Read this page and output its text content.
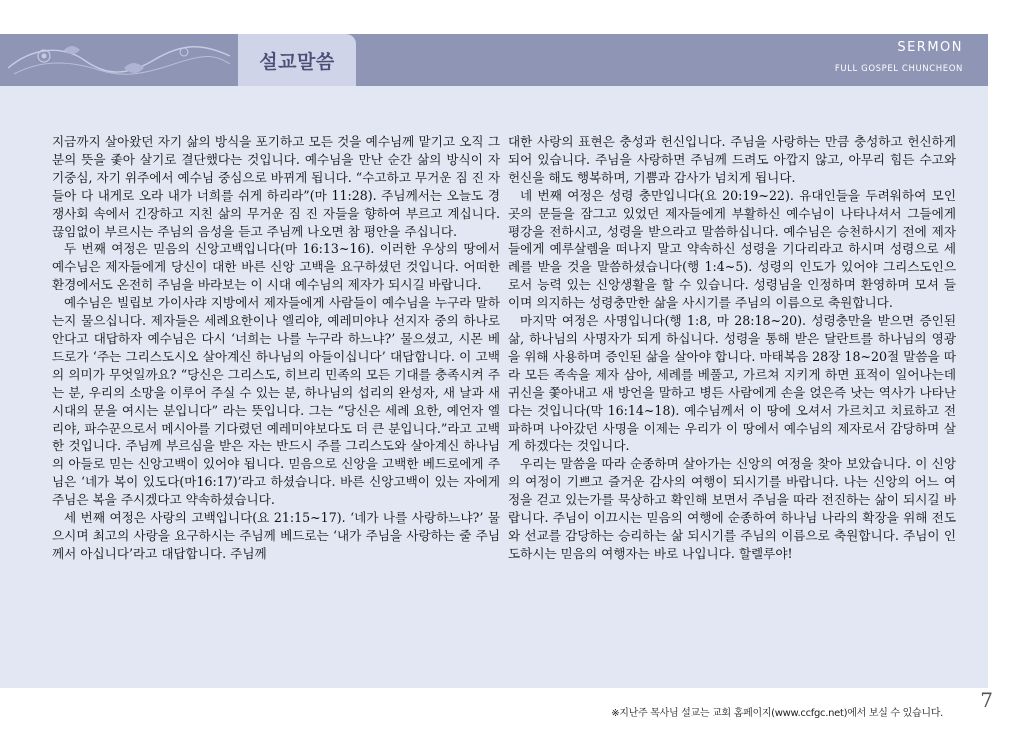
설교말씀
SERMON
FULL GOSPEL CHUNCHEON

지금까지 살아왔던 자기 삶의 방식을 포기하고 모든 것을 예수님께 맡기고 오직 그분의 뜻을 좇아 살기로 결단했다는 것입니다. 예수님을 만난 순간 삶의 방식이 자기중심, 자기 위주에서 예수님 중심으로 바뀌게 됩니다. “수고하고 무거운 짐 진 자들아 다 내게로 오라 내가 너희를 쉬게 하리라”(마 11:28). 주님께서는 오늘도 경쟁사회 속에서 긴장하고 지친 삶의 무거운 짐 진 자들을 향하여 부르고 계십니다. 끊임없이 부르시는 주님의 음성을 듣고 주님께 나오면 참 평안을 주십니다.

두 번째 여정은 믿음의 신앙고백입니다(마 16:13~16). 이러한 우상의 땅에서 예수님은 제자들에게 당신이 대한 바른 신앙 고백을 요구하셨던 것입니다. 어떠한 환경에서도 온전히 주님을 바라보는 이 시대 예수님의 제자가 되시길 바랍니다.

예수님은 빌립보 가이사랴 지방에서 제자들에게 사람들이 예수님을 누구라 말하는지 물으십니다. 제자들은 세례요한이나 엘리야, 예레미야나 선지자 중의 하나로 안다고 대답하자 예수님은 다시 ‘너희는 나를 누구라 하느냐?’ 물으셨고, 시몬 베드로가 ‘주는 그리스도시오 살아계신 하나님의 아들이십니다’ 대답합니다. 이 고백의 의미가 무엇일까요? “당신은 그리스도, 히브리 민족의 모든 기대를 충족시켜 주는 분, 우리의 소망을 이루어 주실 수 있는 분, 하나님의 섭리의 완성자, 새 날과 새 시대의 문을 여시는 분입니다” 라는 뜻입니다. 그는 “당신은 세례 요한, 예언자 엘리야, 파수꾼으로서 메시아를 기다렸던 예레미야보다도 더 큰 분입니다.”라고 고백한 것입니다. 주님께 부르심을 받은 자는 반드시 주를 그리스도와 살아계신 하나님의 아들로 믿는 신앙고백이 있어야 됩니다. 믿음으로 신앙을 고백한 베드로에게 주님은 ‘네가 복이 있도다(마16:17)’라고 하셨습니다. 바른 신앙고백이 있는 자에게 주님은 복을 주시겠다고 약속하셨습니다.

세 번째 여정은 사랑의 고백입니다(요 21:15~17). ‘네가 나를 사랑하느냐?’ 물으시며 최고의 사랑을 요구하시는 주님께 베드로는 ‘내가 주님을 사랑하는 줄 주님께서 아십니다’라고 대답합니다. 주님께

대한 사랑의 표현은 충성과 헌신입니다. 주님을 사랑하는 만큼 충성하고 헌신하게 되어 있습니다. 주님을 사랑하면 주님께 드려도 아깝지 않고, 아무리 힘든 수고와 헌신을 해도 행복하며, 기쁨과 감사가 넘치게 됩니다.

네 번째 여정은 성령 충만입니다(요 20:19~22). 유대인들을 두려워하여 모인 곳의 문들을 잠그고 있었던 제자들에게 부활하신 예수님이 나타나셔서 그들에게 평강을 전하시고, 성령을 받으라고 말씀하십니다. 예수님은 승천하시기 전에 제자들에게 예루살렘을 떠나지 말고 약속하신 성령을 기다리라고 하시며 성령으로 세례를 받을 것을 말씀하셨습니다(행 1:4~5). 성령의 인도가 있어야 그리스도인으로서 능력 있는 신앙생활을 할 수 있습니다. 성령님을 인정하며 환영하며 모셔 들이며 의지하는 성령충만한 삶을 사시기를 주님의 이름으로 축원합니다.

마지막 여정은 사명입니다(행 1:8, 마 28:18~20). 성령충만을 받으면 증인된 삶, 하나님의 사명자가 되게 하십니다. 성령을 통해 받은 달란트를 하나님의 영광을 위해 사용하며 증인된 삶을 살아야 합니다. 마태복음 28장 18~20절 말씀을 따라 모든 족속을 제자 삼아, 세례를 베풀고, 가르쳐 지키게 하면 표적이 일어나는데 귀신을 쫓아내고 새 방언을 말하고 병든 사람에게 손을 얹은즉 낫는 역사가 나타난다는 것입니다(막 16:14~18). 예수님께서 이 땅에 오셔서 가르치고 치료하고 전파하며 나아갔던 사명을 이제는 우리가 이 땅에서 예수님의 제자로서 감당하며 살게 하겠다는 것입니다.

우리는 말씀을 따라 순종하며 살아가는 신앙의 여정을 찾아 보았습니다. 이 신앙의 여정이 기쁘고 즐거운 감사의 여행이 되시기를 바랍니다. 나는 신앙의 어느 여정을 걷고 있는가를 묵상하고 확인해 보면서 주님을 따라 전진하는 삶이 되시길 바랍니다. 주님이 이끄시는 믿음의 여행에 순종하여 하나님 나라의 확장을 위해 전도와 선교를 감당하는 승리하는 삶 되시기를 주님의 이름으로 축원합니다. 주님이 인도하시는 믿음의 여행자는 바로 나입니다. 할렐루야!

7
※지난주 목사님 설교는 교회 홈페이지(www.ccfgc.net)에서 보실 수 있습니다.
